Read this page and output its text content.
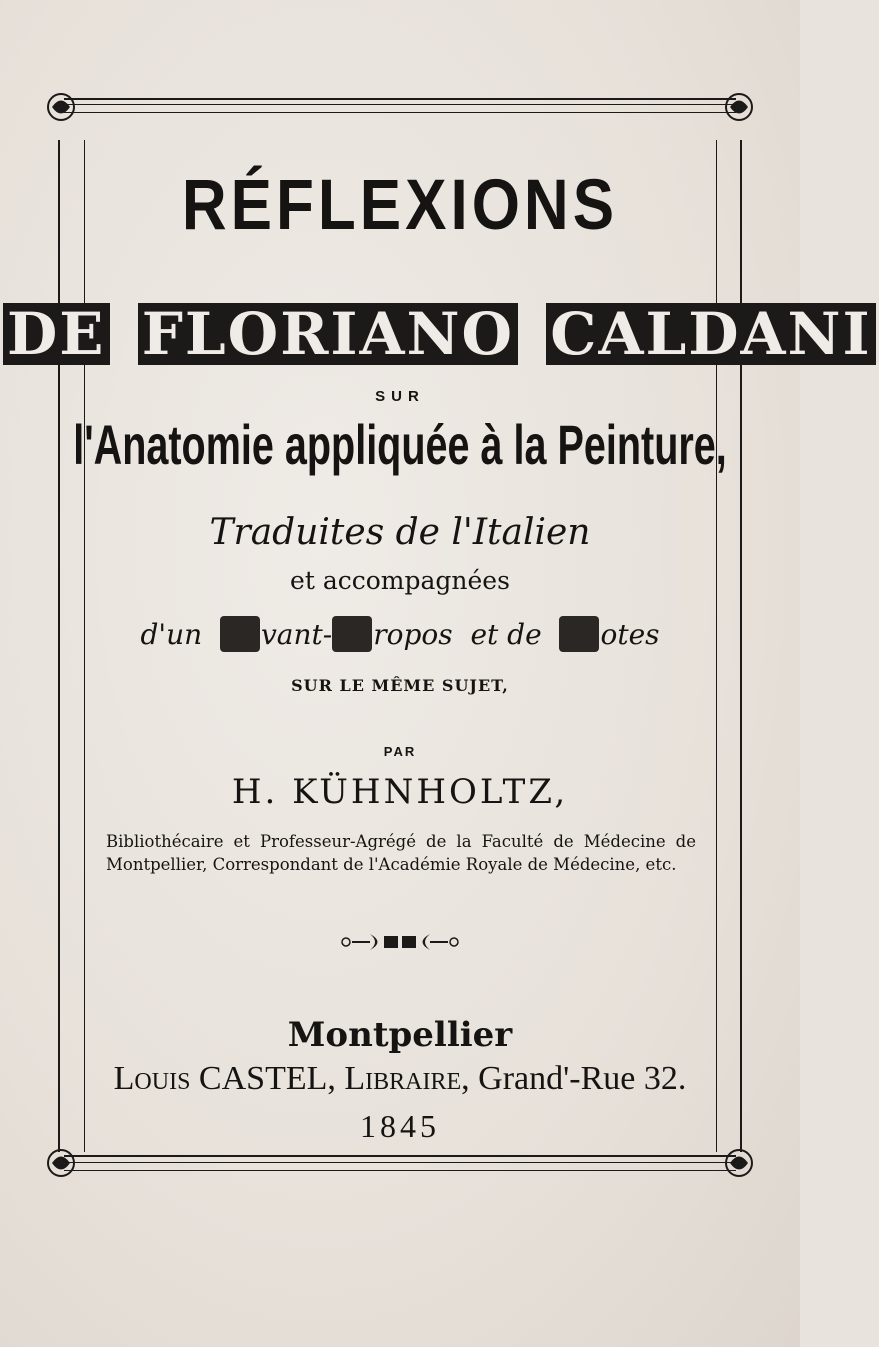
RÉFLEXIONS
DE FLORIANO CALDANI
SUR
l'Anatomie appliquée à la Peinture,
Traduites de l'Italien
et accompagnées
d'un vant- ropos et de otes
SUR LE MÊME SUJET,
PAR
H. KÜHNHOLTZ,
Bibliothécaire et Professeur-Agrégé de la Faculté de Médecine de Montpellier, Correspondant de l'Académie Royale de Médecine, etc.
Montpellier
Louis CASTEL, Libraire, Grand'-Rue 32.
1845
